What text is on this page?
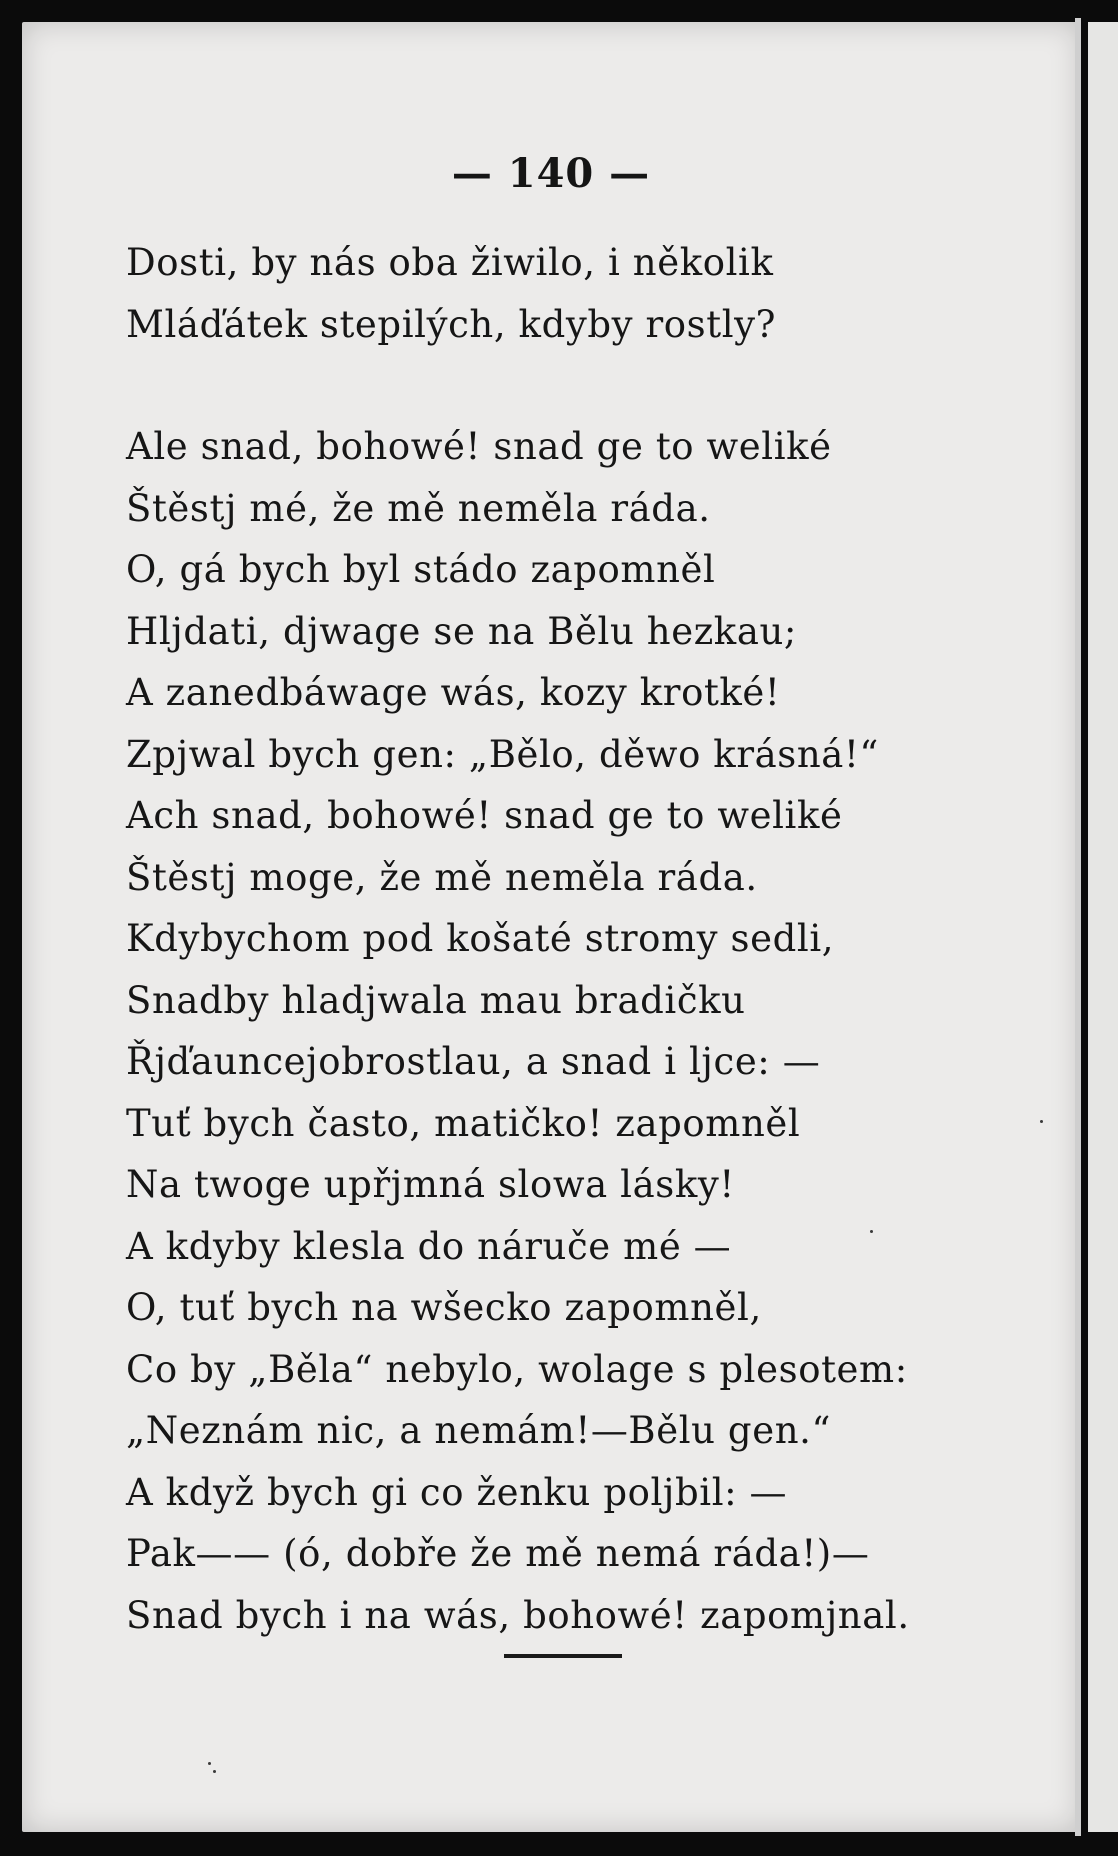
— 140 —
Dosti, by nás oba žiwilo, i několik
Mláďátek stepilých, kdyby rostly?
Ale snad, bohowé! snad ge to weliké
Štěstj mé, že mě neměla ráda.
O, gá bych byl stádo zapomněl
Hljdati, djwage se na Bělu hezkau;
A zanedbáwage wás, kozy krotké!
Zpjwal bych gen: „Bělo, děwo krásná!“
Ach snad, bohowé! snad ge to weliké
Štěstj moge, že mě neměla ráda.
Kdybychom pod košaté stromy sedli,
Snadby hladjwala mau bradičku
Řjďauncejobrostlau, a snad i ljce: —
Tuť bych často, matičko! zapomněl
Na twoge upřjmná slowa lásky!
A kdyby klesla do náruče mé —
O, tuť bych na wšecko zapomněl,
Co by „Běla“ nebylo, wolage s plesotem:
„Neznám nic, a nemám!—Bělu gen.“
A když bych gi co ženku poljbil: —
Pak—— (ó, dobře že mě nemá ráda!)—
Snad bych i na wás, bohowé! zapomjnal.
